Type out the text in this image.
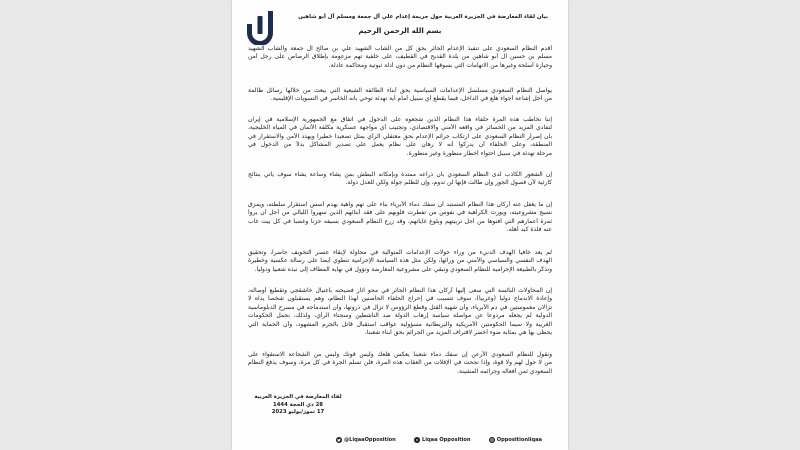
بيان لقاء المعارضة في الجزيرة العربية حول جريمة إعدام علي آل جمعة ومسلم آل أبو شاهين
بسم الله الرحمن الرحيم
أقدم النظام السعودي على تنفيذ الإعدام الجائر بحق كل من الشاب الشهيد علي بن صالح آل جمعة والشاب الشهيد
مسلم بن حسين آل أبو شاهين من بلدة القديح في القطيف، على خلفية تهم مزعومة بإطلاق الرصاص على رجل أمن
وحيازة أسلحة وغيرها من الاتهامات التي يسوقها النظام من دون أدلة ثبوتية ومحاكمة عادلة.
يواصل النظام السعودي مسلسل الإعدامات السياسية بحق أبناء الطائفة الشيعية التي يبعث من خلالها رسائل ظالمة
من أجل إشاعة أجواء هلع في الداخل، فيما يقطع أي سبيل أمام أية تهدئة توحي بأنه الخاسر في التسويات الإقليمية.
إننا نخاطب هذه المرة حلفاء هذا النظام الذين شجعوه على الدخول في اتفاق مع الجمهورية الإسلامية في إيران
لتفادي المزيد من الخسائر في واقعه الأمني والاقتصادي، وتجنيب أي مواجهة عسكرية مكلفة الأثمان في المياه الخليجية،
بأن إصرار النظام السعودي على ارتكاب جرائم الإعدام بحق معتقلي الرأي يمثل تصعيداً خطيراً ويهدد الأمن والاستقرار في
المنطقة، وعلى الحلفاء أن يدركوا أنه لا رهان على نظام يعمل على تصدير المشاكل بدلاً من الدخول في
مرحلة تهدئة في سبيل احتواء أخطار منظورة وغير منظورة.
إن الشعور الكاذب لدى النظام السعودي بأن ذراعه ممتدة وبإمكانه البطش بمن يشاء وساعة يشاء سوف يأتي بنتائج
كارثية لأن فصول الجور وإن طالت فإنها لن تدوم، وإن للظلم جولة ولكن للعدل دولة.
إن ما يغفل عنه أركان هذا النظام المستبد أن سفك دماء الأبرياء بناء على تهم واهية يهدم أسس استقرار سلطته، ويمزق
نسيج مشروعيته، ويورث الكراهية في نفوس من تفطرت قلوبهم على فقد أبنائهم الذين سهروا الليالي من أجل أن يروا
ثمرة أعمارهم التي أفنوها من أجل تربيتهم وبلوغ غاياتهم، وقد زرع النظام السعودي بسيفه حزناً وغضباً في كل بيت غاب
عنه فلذة كبد أهله.
لم يعد خافياً الهدف الدنيء من وراء جولات الإعدامات المتوالية في محاولة لإبقاء عنصر التخويف حاضراً، وتحقيق
الهدف النفسي والسياسي والأمني من ورائها، ولكن مثل هذه السياسة الإجرامية تنطوي أيضاً على رسالة عكسية وخطيرة
وتذكّر بالطبيعة الإجرامية للنظام السعودي وتبقي على مشروعية المعارضة وتؤول في نهاية المطاف إلى نبذه شعبياً ودولياً.
إن المحاولات البائسة التي سعى إليها أركان هذا النظام الجائر في محو آثار فضيحته باغتيال خاشقجي وتقطيع أوصاله،
وإعادة الاندماج دولياً (وغربياً)، سوف تتسبب في إحراج الحلفاء الحاضنين لهذا النظام، وهم يستقبلون شخصاً يداه لا
تزالان مغموستين في دم الأبرياء، وأن شهية القتل وقطع الرؤوس لا تزال في ذروتها، وأن استدماجه في مسرح الدبلوماسية
الدولية لم يجعله مردوعاً عن مواصلة سياسة إرهاب الدولة ضد الناشطين وسجناء الرأي، ولذلك، نحمل الحكومات
الغربية ولا سيما الحكومتين الأمريكية والبريطانية مسؤولية عواقب استقبال قاتل بالجرم المشهود، وأن الحماية التي
يحظى بها هي بمثابة ضوء أخضر لاقتراف المزيد من الجرائم بحق أبناء شعبنا.
ونقول للنظام السعودي الأرعن إن سفك دماء شعبنا يعكس هلعك وليس قوتك وليس من الشجاعة الاستقواء على
من لا حول لهم ولا قوة، وإذا نجحت في الإفلات من العقاب هذه المرة، فلن تسلم الجرة في كل مرة، وسوف يدفع النظام
السعودي ثمن أفعاله وجرائمه المشينة.
لقاء المعارضة في الجزيرة العربية
28 ذي الحجة 1444
17 تموز/يوليو 2023
@LiqaaOpposition	Liqaa Opposition	Oppositionliqaa
